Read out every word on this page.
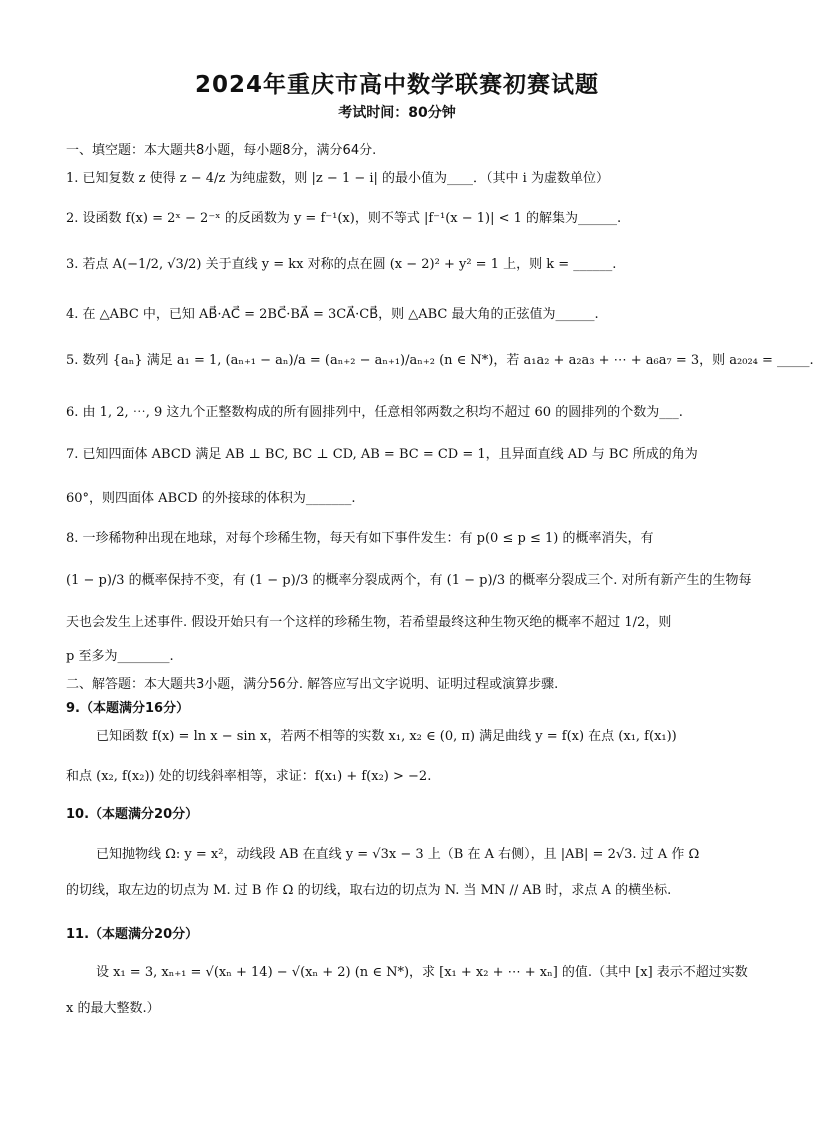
2024年重庆市高中数学联赛初赛试题
考试时间：80分钟
一、填空题：本大题共8小题，每小题8分，满分64分.
1. 已知复数 z 使得 z − 4/z 为纯虚数，则 |z − 1 − i| 的最小值为____．（其中 i 为虚数单位）
2. 设函数 f(x) = 2ˣ − 2⁻ˣ 的反函数为 y = f⁻¹(x)，则不等式 |f⁻¹(x − 1)| < 1 的解集为______.
3. 若点 A(−1/2, √3/2) 关于直线 y = kx 对称的点在圆 (x − 2)² + y² = 1 上，则 k = ______.
4. 在 △ABC 中，已知 AB⃗·AC⃗ = 2BC⃗·BA⃗ = 3CA⃗·CB⃗，则 △ABC 最大角的正弦值为______.
5. 数列 {aₙ} 满足 a₁ = 1, (aₙ₊₁ − aₙ)/a = (aₙ₊₂ − aₙ₊₁)/aₙ₊₂ (n ∈ N*)，若 a₁a₂ + a₂a₃ + ⋯ + a₆a₇ = 3，则 a₂₀₂₄ = _____.
6. 由 1, 2, ⋯, 9 这九个正整数构成的所有圆排列中，任意相邻两数之积均不超过 60 的圆排列的个数为___.
7. 已知四面体 ABCD 满足 AB ⊥ BC, BC ⊥ CD, AB = BC = CD = 1，且异面直线 AD 与 BC 所成的角为
60°，则四面体 ABCD 的外接球的体积为_______.
8. 一珍稀物种出现在地球，对每个珍稀生物，每天有如下事件发生：有 p(0 ≤ p ≤ 1) 的概率消失，有
(1 − p)/3 的概率保持不变，有 (1 − p)/3 的概率分裂成两个，有 (1 − p)/3 的概率分裂成三个. 对所有新产生的生物每
天也会发生上述事件. 假设开始只有一个这样的珍稀生物，若希望最终这种生物灭绝的概率不超过 1/2，则
p 至多为________.
二、解答题：本大题共3小题，满分56分. 解答应写出文字说明、证明过程或演算步骤.
9.（本题满分16分）
已知函数 f(x) = ln x − sin x，若两不相等的实数 x₁, x₂ ∈ (0, π) 满足曲线 y = f(x) 在点 (x₁, f(x₁))
和点 (x₂, f(x₂)) 处的切线斜率相等，求证：f(x₁) + f(x₂) > −2.
10.（本题满分20分）
已知抛物线 Ω: y = x²，动线段 AB 在直线 y = √3x − 3 上（B 在 A 右侧），且 |AB| = 2√3. 过 A 作 Ω
的切线，取左边的切点为 M. 过 B 作 Ω 的切线，取右边的切点为 N. 当 MN // AB 时，求点 A 的横坐标.
11.（本题满分20分）
设 x₁ = 3, xₙ₊₁ = √(xₙ + 14) − √(xₙ + 2) (n ∈ N*)，求 [x₁ + x₂ + ⋯ + xₙ] 的值.（其中 [x] 表示不超过实数
x 的最大整数.）
